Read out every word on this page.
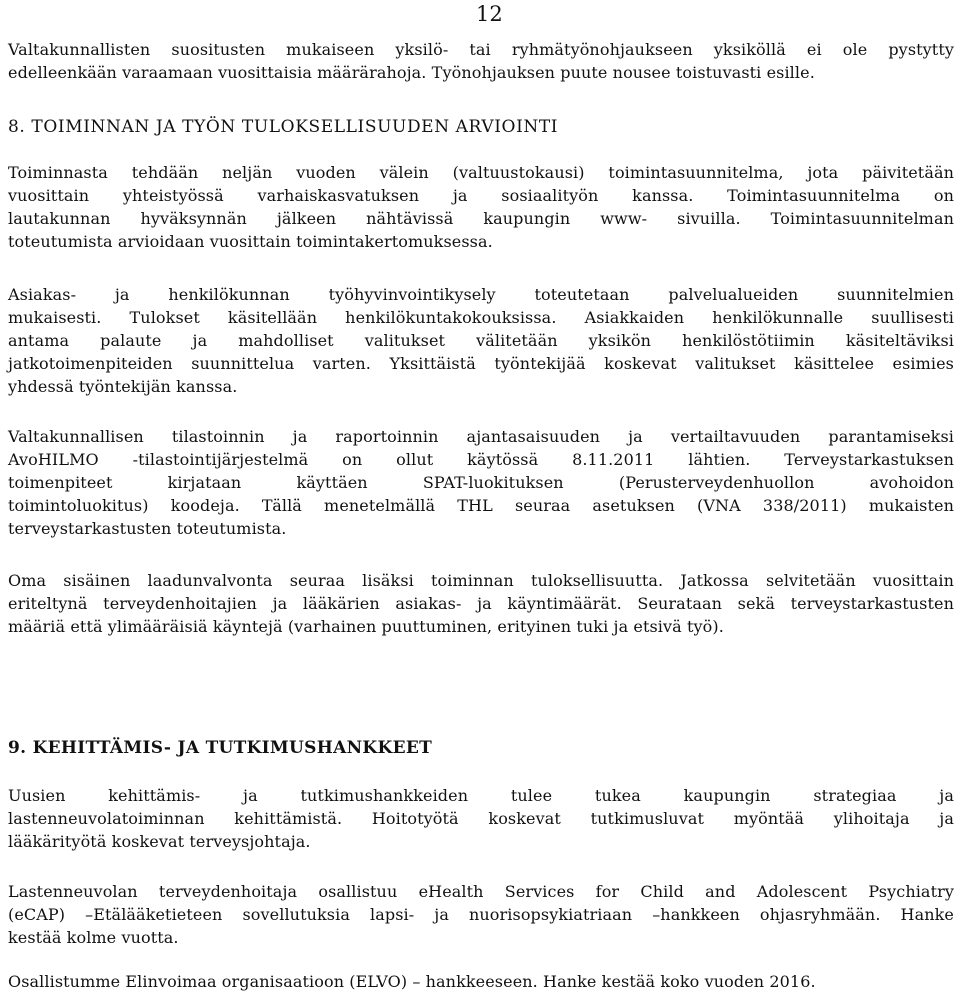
12
Valtakunnallisten suositusten mukaiseen yksilö- tai ryhmätyönohjaukseen yksiköllä ei ole pystytty
edelleenkään varaamaan vuosittaisia määrärahoja. Työnohjauksen puute nousee toistuvasti esille.
8. TOIMINNAN JA TYÖN TULOKSELLISUUDEN ARVIOINTI
Toiminnasta tehdään neljän vuoden välein (valtuustokausi) toimintasuunnitelma, jota päivitetään
vuosittain yhteistyössä varhaiskasvatuksen ja sosiaalityön kanssa. Toimintasuunnitelma on
lautakunnan hyväksynnän jälkeen nähtävissä kaupungin www- sivuilla. Toimintasuunnitelman
toteutumista arvioidaan vuosittain toimintakertomuksessa.
Asiakas- ja henkilökunnan työhyvinvointikysely toteutetaan palvelualueiden suunnitelmien
mukaisesti. Tulokset käsitellään henkilökuntakokouksissa. Asiakkaiden henkilökunnalle suullisesti
antama palaute ja mahdolliset valitukset välitetään yksikön henkilöstötiimin käsiteltäviksi
jatkotoimenpiteiden suunnittelua varten. Yksittäistä työntekijää koskevat valitukset käsittelee esimies
yhdessä työntekijän kanssa.
Valtakunnallisen tilastoinnin ja raportoinnin ajantasaisuuden ja vertailtavuuden parantamiseksi
AvoHILMO -tilastointijärjestelmä on ollut käytössä 8.11.2011 lähtien. Terveystarkastuksen
toimenpiteet kirjataan käyttäen SPAT-luokituksen (Perusterveydenhuollon avohoidon
toimintoluokitus) koodeja. Tällä menetelmällä THL seuraa asetuksen (VNA 338/2011) mukaisten
terveystarkastusten toteutumista.
Oma sisäinen laadunvalvonta seuraa lisäksi toiminnan tuloksellisuutta. Jatkossa selvitetään vuosittain
eriteltynä terveydenhoitajien ja lääkärien asiakas- ja käyntimäärät. Seurataan sekä terveystarkastusten
määriä että ylimääräisiä käyntejä (varhainen puuttuminen, erityinen tuki ja etsivä työ).
9. KEHITTÄMIS- JA TUTKIMUSHANKKEET
Uusien kehittämis- ja tutkimushankkeiden tulee tukea kaupungin strategiaa ja
lastenneuvolatoiminnan kehittämistä. Hoitotyötä koskevat tutkimusluvat myöntää ylihoitaja ja
lääkärityötä koskevat terveysjohtaja.
Lastenneuvolan terveydenhoitaja osallistuu eHealth Services for Child and Adolescent Psychiatry
(eCAP) –Etälääketieteen sovellutuksia lapsi- ja nuorisopsykiatriaan –hankkeen ohjasryhmään. Hanke
kestää kolme vuotta.
Osallistumme Elinvoimaa organisaatioon (ELVO) – hankkeeseen. Hanke kestää koko vuoden 2016.
